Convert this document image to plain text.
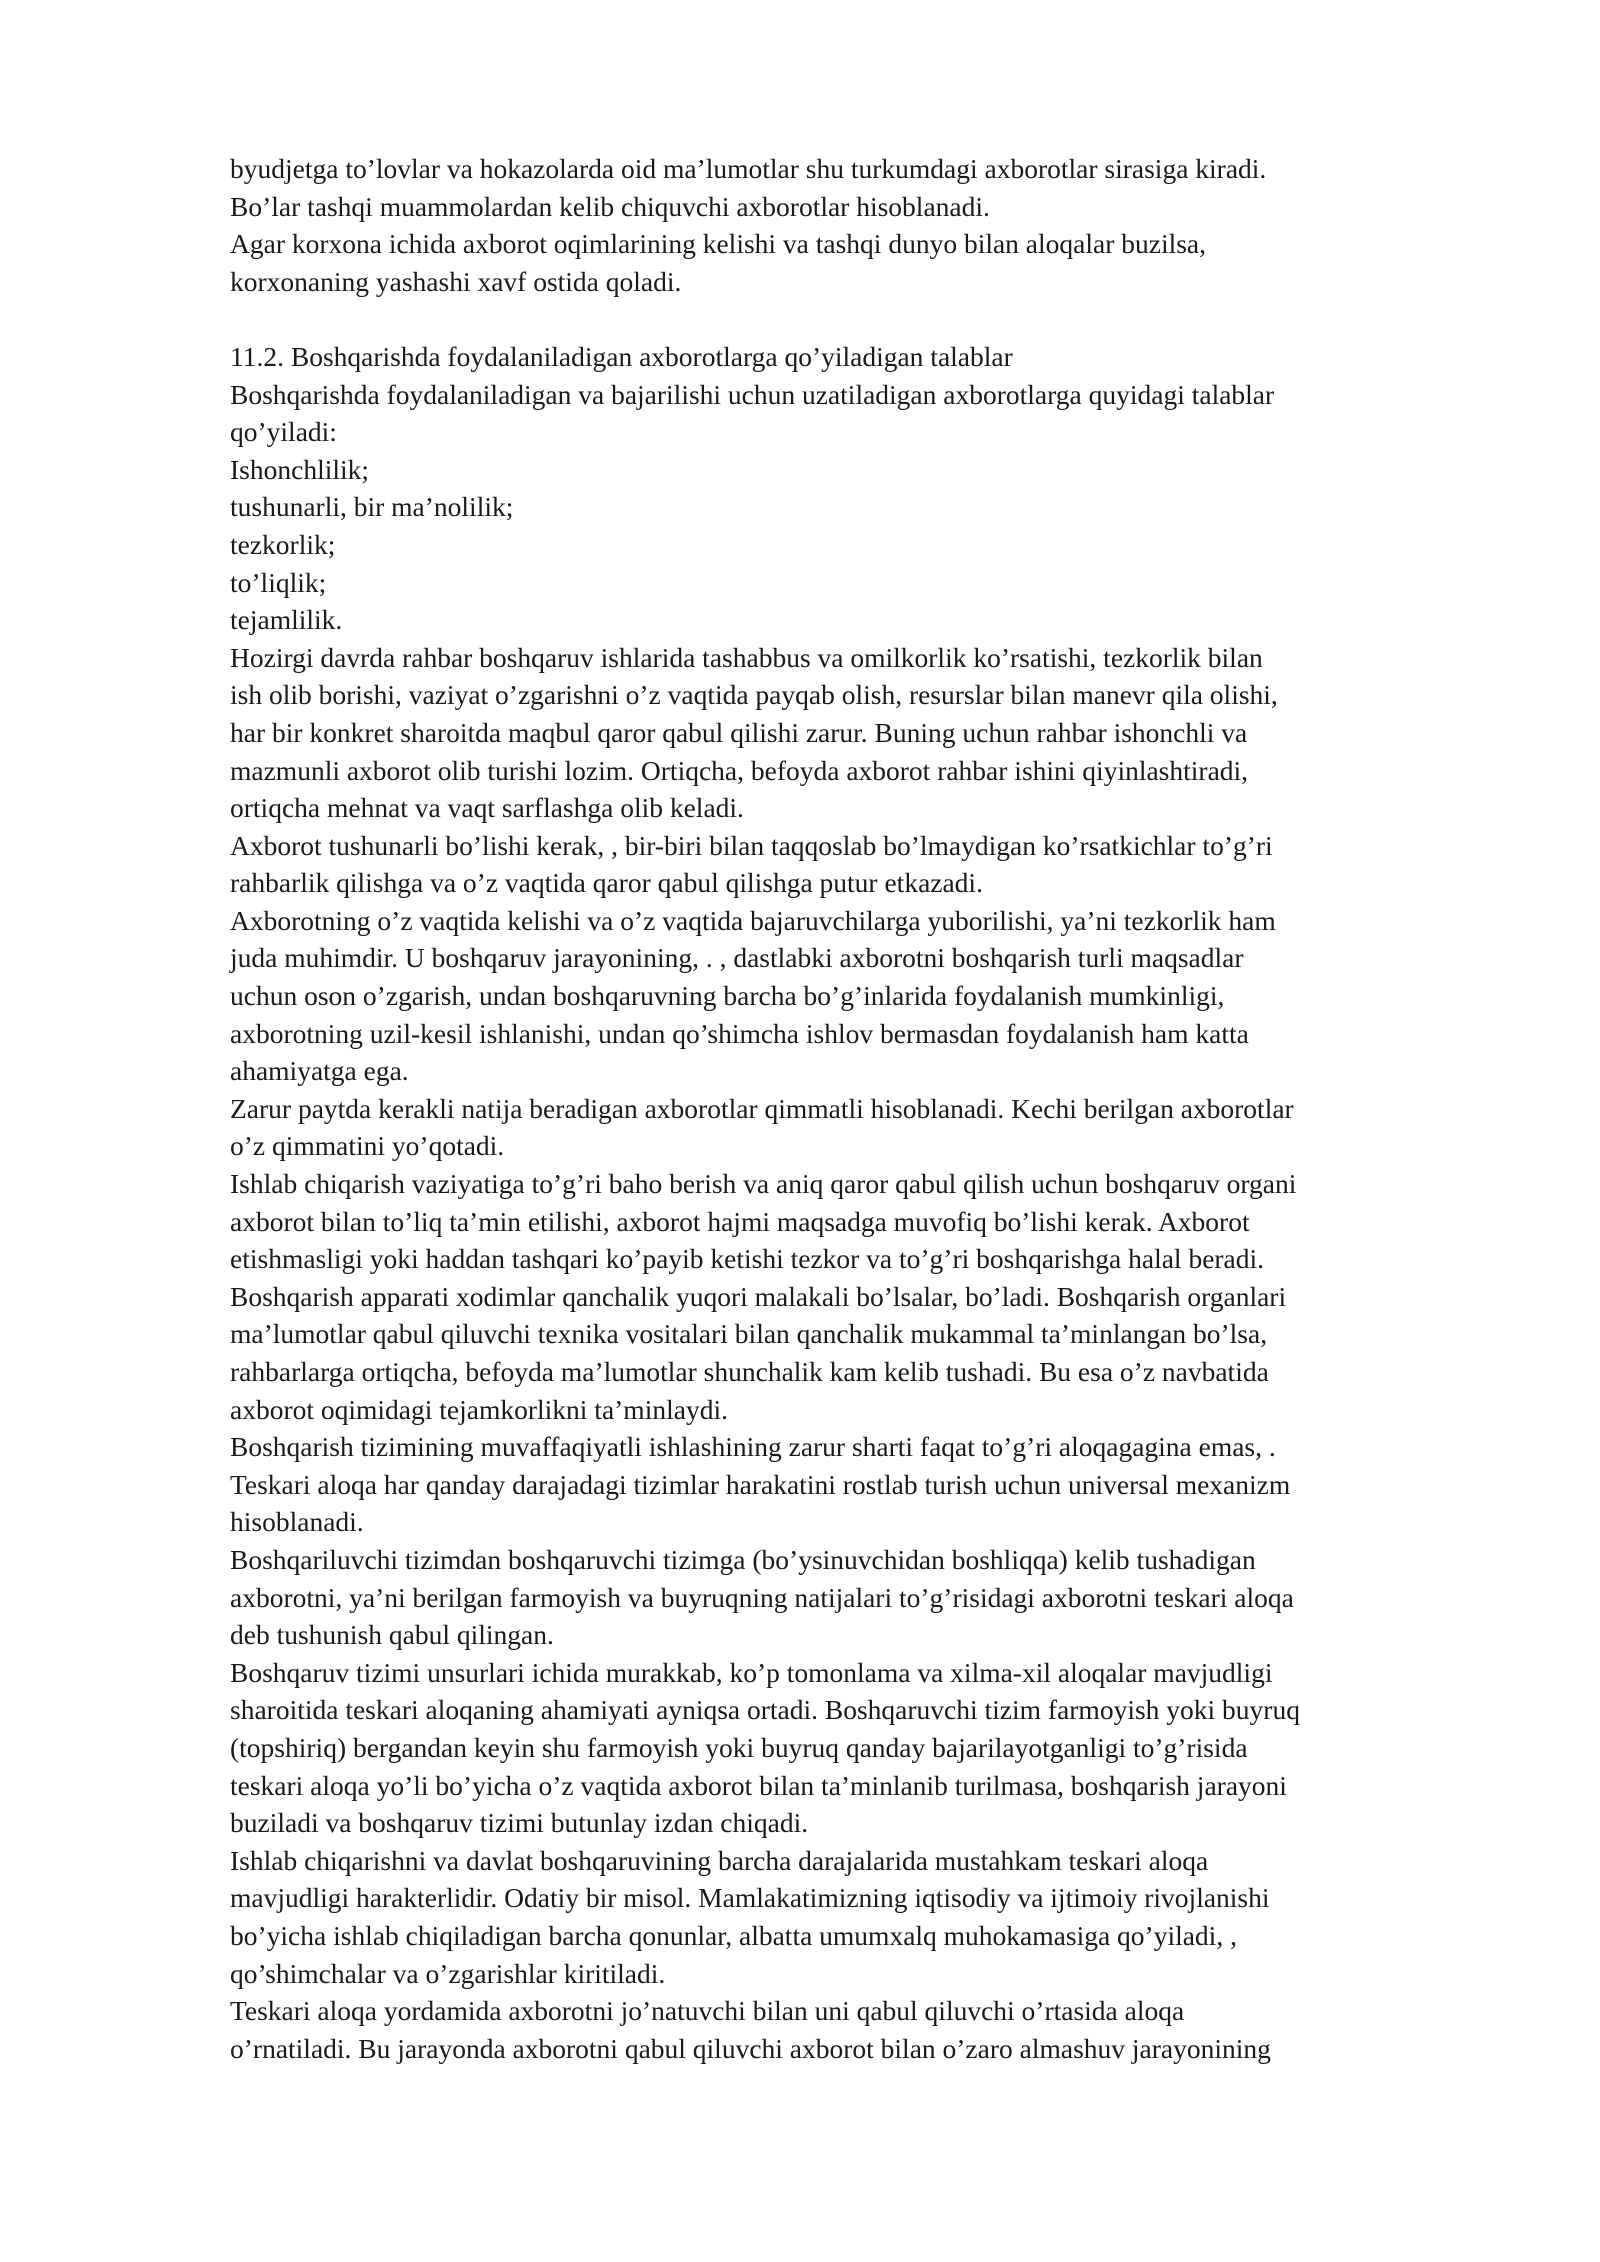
byudjetga to’lovlar va hokazolarda oid ma’lumotlar shu turkumdagi axborotlar sirasiga kiradi.
Bo’lar tashqi muammolardan kelib chiquvchi axborotlar hisoblanadi.
Agar korxona ichida axborot oqimlarining kelishi va tashqi dunyo bilan aloqalar buzilsa,
korxonaning yashashi xavf ostida qoladi.
11.2. Boshqarishda foydalaniladigan axborotlarga qo’yiladigan talablar
Boshqarishda foydalaniladigan va bajarilishi uchun uzatiladigan axborotlarga quyidagi talablar
qo’yiladi:
Ishonchlilik;
tushunarli, bir ma’nolilik;
tezkorlik;
to’liqlik;
tejamlilik.
Hozirgi davrda rahbar boshqaruv ishlarida tashabbus va omilkorlik ko’rsatishi, tezkorlik bilan
ish olib borishi, vaziyat o’zgarishni o’z vaqtida payqab olish, resurslar bilan manevr qila olishi,
har bir konkret sharoitda maqbul qaror qabul qilishi zarur. Buning uchun rahbar ishonchli va
mazmunli axborot olib turishi lozim. Ortiqcha, befoyda axborot rahbar ishini qiyinlashtiradi,
ortiqcha mehnat va vaqt sarflashga olib keladi.
Axborot tushunarli bo’lishi kerak, , bir-biri bilan taqqoslab bo’lmaydigan ko’rsatkichlar to’g’ri
rahbarlik qilishga va o’z vaqtida qaror qabul qilishga putur etkazadi.
Axborotning o’z vaqtida kelishi va o’z vaqtida bajaruvchilarga yuborilishi, ya’ni tezkorlik ham
juda muhimdir. U boshqaruv jarayonining, . , dastlabki axborotni boshqarish turli maqsadlar
uchun oson o’zgarish, undan boshqaruvning barcha bo’g’inlarida foydalanish mumkinligi,
axborotning uzil-kesil ishlanishi, undan qo’shimcha ishlov bermasdan foydalanish ham katta
ahamiyatga ega.
Zarur paytda kerakli natija beradigan axborotlar qimmatli hisoblanadi. Kechi berilgan axborotlar
o’z qimmatini yo’qotadi.
Ishlab chiqarish vaziyatiga to’g’ri baho berish va aniq qaror qabul qilish uchun boshqaruv organi
axborot bilan to’liq ta’min etilishi, axborot hajmi maqsadga muvofiq bo’lishi kerak. Axborot
etishmasligi yoki haddan tashqari ko’payib ketishi tezkor va to’g’ri boshqarishga halal beradi.
Boshqarish apparati xodimlar qanchalik yuqori malakali bo’lsalar, bo’ladi. Boshqarish organlari
ma’lumotlar qabul qiluvchi texnika vositalari bilan qanchalik mukammal ta’minlangan bo’lsa,
rahbarlarga ortiqcha, befoyda ma’lumotlar shunchalik kam kelib tushadi. Bu esa o’z navbatida
axborot oqimidagi tejamkorlikni ta’minlaydi.
Boshqarish tizimining muvaffaqiyatli ishlashining zarur sharti faqat to’g’ri aloqagagina emas, .
Teskari aloqa har qanday darajadagi tizimlar harakatini rostlab turish uchun universal mexanizm
hisoblanadi.
Boshqariluvchi tizimdan boshqaruvchi tizimga (bo’ysinuvchidan boshliqqa) kelib tushadigan
axborotni, ya’ni berilgan farmoyish va buyruqning natijalari to’g’risidagi axborotni teskari aloqa
deb tushunish qabul qilingan.
Boshqaruv tizimi unsurlari ichida murakkab, ko’p tomonlama va xilma-xil aloqalar mavjudligi
sharoitida teskari aloqaning ahamiyati ayniqsa ortadi. Boshqaruvchi tizim farmoyish yoki buyruq
(topshiriq) bergandan keyin shu farmoyish yoki buyruq qanday bajarilayotganligi to’g’risida
teskari aloqa yo’li bo’yicha o’z vaqtida axborot bilan ta’minlanib turilmasa, boshqarish jarayoni
buziladi va boshqaruv tizimi butunlay izdan chiqadi.
Ishlab chiqarishni va davlat boshqaruvining barcha darajalarida mustahkam teskari aloqa
mavjudligi harakterlidir. Odatiy bir misol. Mamlakatimizning iqtisodiy va ijtimoiy rivojlanishi
bo’yicha ishlab chiqiladigan barcha qonunlar, albatta umumxalq muhokamasiga qo’yiladi, ,
qo’shimchalar va o’zgarishlar kiritiladi.
Teskari aloqa yordamida axborotni jo’natuvchi bilan uni qabul qiluvchi o’rtasida aloqa
o’rnatiladi. Bu jarayonda axborotni qabul qiluvchi axborot bilan o’zaro almashuv jarayonining
